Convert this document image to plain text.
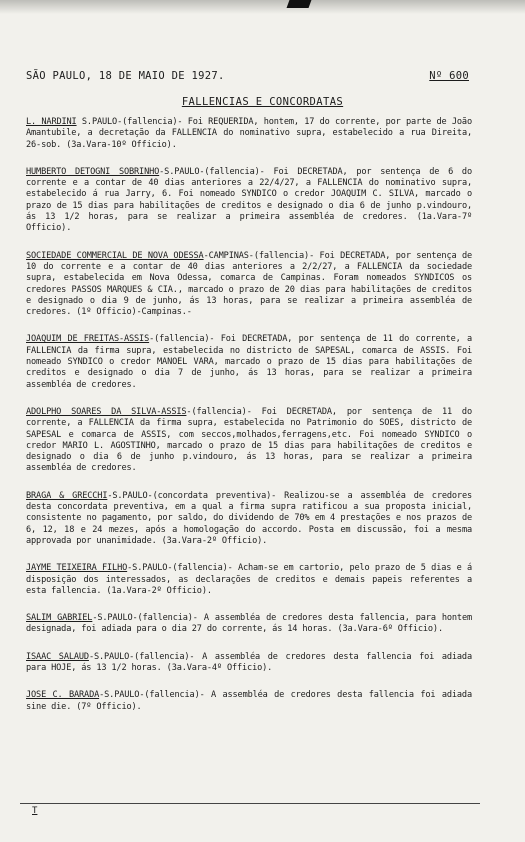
SÃO PAULO, 18 DE MAIO DE 1927.	Nº 600
FALLENCIAS E CONCORDATAS

L. NARDINI S.PAULO-(fallencia)- Foi REQUERIDA, hontem, 17 do corrente, por parte de João Amantubile, a decretação da FALLENCIA do nominativo supra, estabelecido a rua Direita, 26-sob. (3a.Vara-10º Officio).

HUMBERTO DETOGNI SOBRINHO-S.PAULO-(fallencia)- Foi DECRETADA, por sentença de 6 do corrente e a contar de 40 dias anteriores a 22/4/27, a FALLENCIA do nominativo supra, estabelecido á rua Jarry, 6. Foi nomeado SYNDICO o credor JOAQUIM C. SILVA, marcado o prazo de 15 dias para habilitações de creditos e designado o dia 6 de junho p.vindouro, ás 13 1/2 horas, para se realizar a primeira assembléa de credores. (1a.Vara-7º Officio).

SOCIEDADE COMMERCIAL DE NOVA ODESSA-CAMPINAS-(fallencia)- Foi DECRETADA, por sentença de 10 do corrente e a contar de 40 dias anteriores a 2/2/27, a FALLENCIA da sociedade supra, estabelecida em Nova Odessa, comarca de Campinas. Foram nomeados SYNDICOS os credores PASSOS MARQUES & CIA., marcado o prazo de 20 dias para habilitações de creditos e designado o dia 9 de junho, ás 13 horas, para se realizar a primeira assembléa de credores. (1º Officio)-Campinas.-

JOAQUIM DE FREITAS-ASSIS-(fallencia)- Foi DECRETADA, por sentença de 11 do corrente, a FALLENCIA da firma supra, estabelecida no districto de SAPESAL, comarca de ASSIS. Foi nomeado SYNDICO o credor MANOEL VARA, marcado o prazo de 15 dias para habilitações de creditos e designado o dia 7 de junho, ás 13 horas, para se realizar a primeira assembléa de credores.

ADOLPHO SOARES DA SILVA-ASSIS-(fallencia)- Foi DECRETADA, por sentença de 11 do corrente, a FALLENCIA da firma supra, estabelecida no Patrimonio do SOES, districto de SAPESAL e comarca de ASSIS, com seccos,molhados,ferragens,etc. Foi nomeado SYNDICO o credor MARIO L. AGOSTINHO, marcado o prazo de 15 dias para habilitações de creditos e designado o dia 6 de junho p.vindouro, ás 13 horas, para se realizar a primeira assembléa de credores.

BRAGA & GRECCHI-S.PAULO-(concordata preventiva)- Realizou-se a assembléa de credores desta concordata preventiva, em a qual a firma supra ratificou a sua proposta inicial, consistente no pagamento, por saldo, do dividendo de 70% em 4 prestações e nos prazos de 6, 12, 18 e 24 mezes, após a homologação do accordo. Posta em discussão, foi a mesma approvada por unanimidade. (3a.Vara-2º Officio).

JAYME TEIXEIRA FILHO-S.PAULO-(fallencia)- Acham-se em cartorio, pelo prazo de 5 dias e á disposição dos interessados, as declarações de creditos e demais papeis referentes a esta fallencia. (1a.Vara-2º Officio).

SALIM GABRIEL-S.PAULO-(fallencia)- A assembléa de credores desta fallencia, para hontem designada, foi adiada para o dia 27 do corrente, ás 14 horas. (3a.Vara-6º Officio).

ISAAC SALAUD-S.PAULO-(fallencia)- A assembléa de credores desta fallencia foi adiada para HOJE, ás 13 1/2 horas. (3a.Vara-4º Officio).

JOSE C. BARADA-S.PAULO-(fallencia)- A assembléa de credores desta fallencia foi adiada sine die. (7º Officio).

T
